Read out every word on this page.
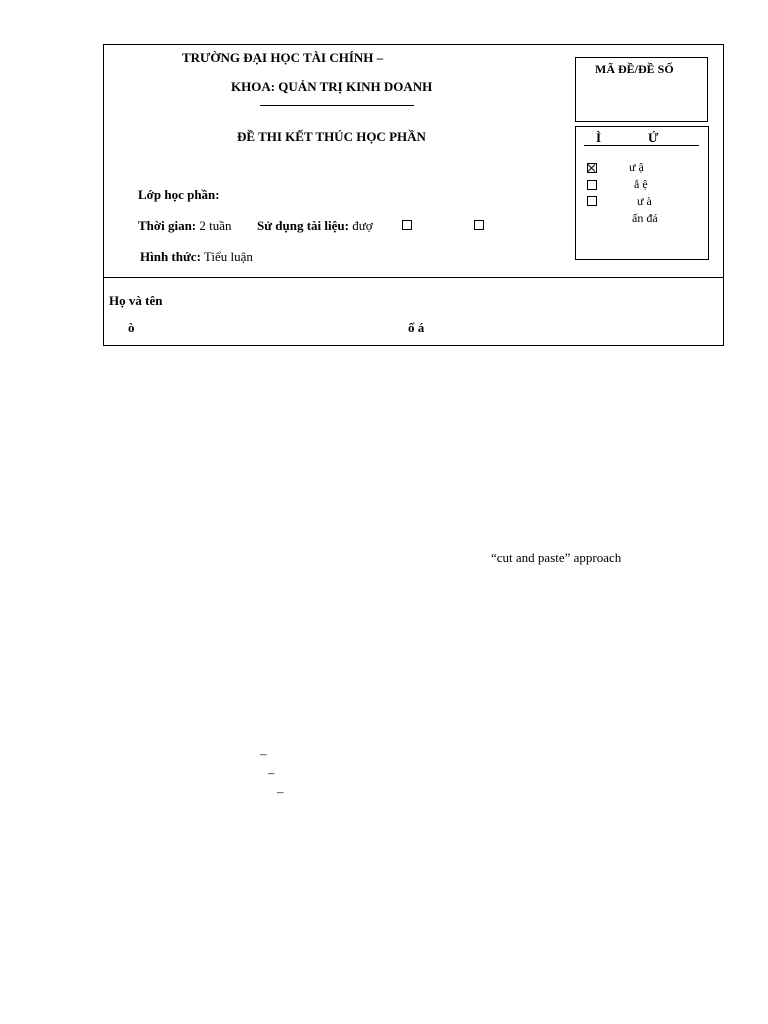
TRƯỜNG ĐẠI HỌC TÀI CHÍNH –
KHOA: QUẢN TRỊ KINH DOANH
ĐỀ THI KẾT THÚC HỌC PHẦN
Lớp học phần:
Thời gian: 2 tuần Sử dụng tài liệu: đượ
Hình thức: Tiểu luận
MÃ ĐỀ/ĐỀ SỐ
Ì	Ứ
ư ậ
ắ ệ
ư à
ấn đá
Họ và tên
ò	ố á
“cut and paste” approach
–
–
–
